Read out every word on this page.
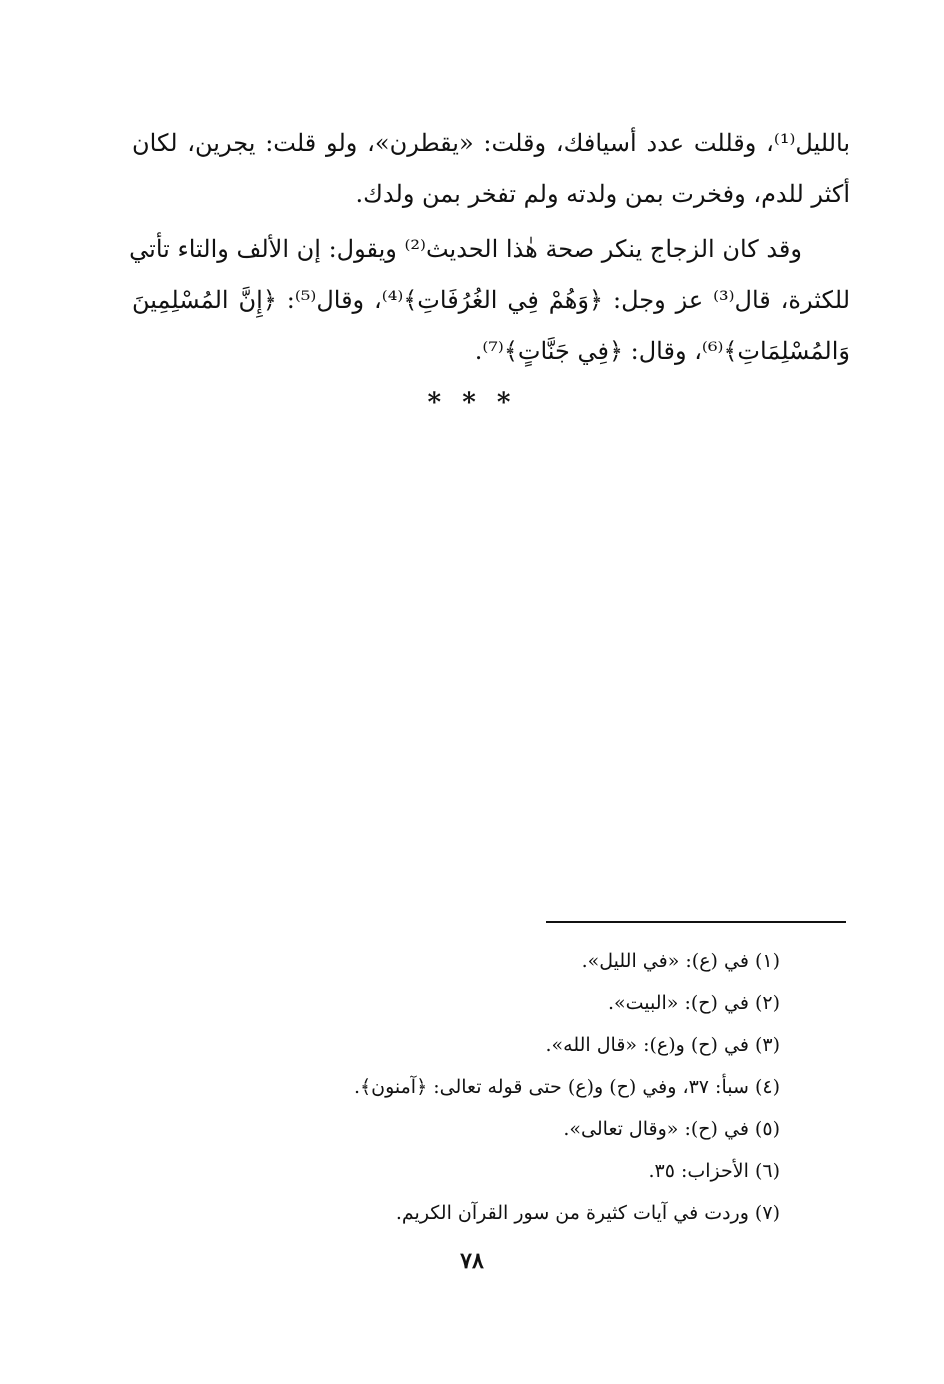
بالليل⁽¹⁾، وقللت عدد أسيافك، وقلت: «يقطرن»، ولو قلت: يجرين، لكان
أكثر للدم، وفخرت بمن ولدته ولم تفخر بمن ولدك.

وقد كان الزجاج ينكر صحة هٰذا الحديث⁽²⁾ ويقول: إن الألف والتاء تأتي
للكثرة، قال⁽³⁾ عز وجل: ﴿وَهُمْ فِي الغُرُفَاتِ﴾⁽⁴⁾، وقال⁽⁵⁾: ﴿إِنَّ المُسْلِمِينَ
وَالمُسْلِمَاتِ﴾⁽⁶⁾، وقال: ﴿فِي جَنَّاتٍ﴾⁽⁷⁾.

* * *
(١) في (ع): «في الليل».
(٢) في (ح): «البيت».
(٣) في (ح) و(ع): «قال الله».
(٤) سبأ: ٣٧، وفي (ح) و(ع) حتى قوله تعالى: ﴿آمنون﴾.
(٥) في (ح): «وقال تعالى».
(٦) الأحزاب: ٣٥.
(٧) وردت في آيات كثيرة من سور القرآن الكريم.
٧٨
